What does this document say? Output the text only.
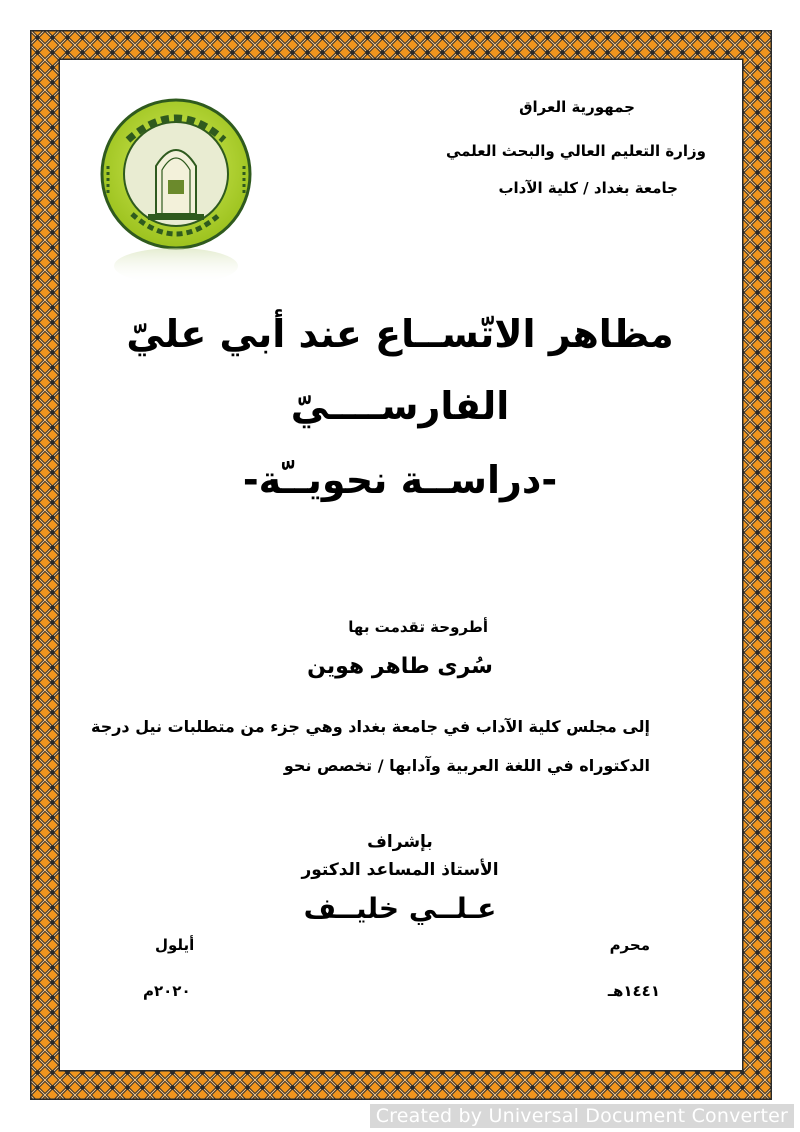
جمهورية العراق
وزارة التعليم العالي والبحث العلمي
جامعة بغداد / كلية الآداب
مظاهر الاتّســاع عند أبي عليّ
الفارســــيّ
-دراســة نحويــّة-
أطروحة تقدمت بها
سُرى طاهر هوين
إلى مجلس كلية الآداب في جامعة بغداد وهي جزء من متطلبات نيل درجة
الدكتوراه في اللغة العربية وآدابها / تخصص نحو
بإشراف
الأستاذ المساعد الدكتور
عـلــي خليــف
محرم
١٤٤١هـ
أيلول
٢٠٢٠م
Created by Universal Document Converter
